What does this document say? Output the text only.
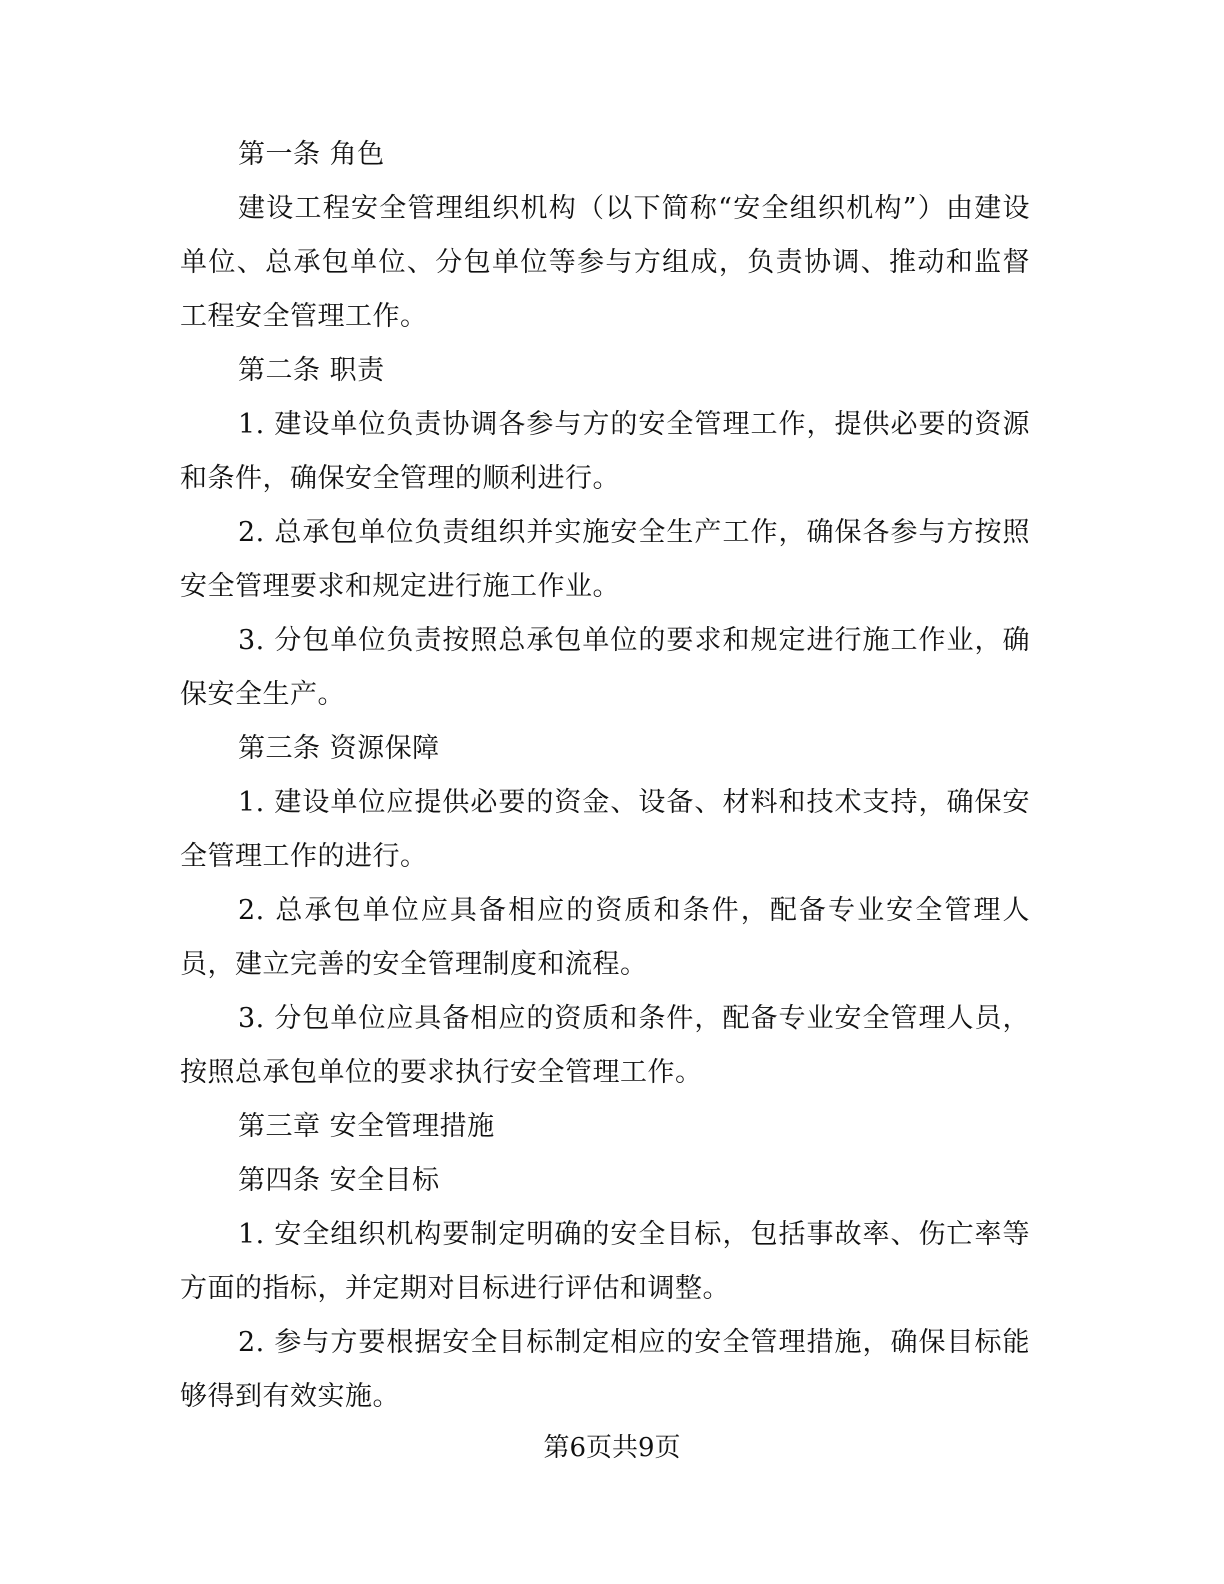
第一条 角色

建设工程安全管理组织机构（以下简称“安全组织机构”）由建设单位、总承包单位、分包单位等参与方组成，负责协调、推动和监督工程安全管理工作。

第二条 职责

1. 建设单位负责协调各参与方的安全管理工作，提供必要的资源和条件，确保安全管理的顺利进行。

2. 总承包单位负责组织并实施安全生产工作，确保各参与方按照安全管理要求和规定进行施工作业。

3. 分包单位负责按照总承包单位的要求和规定进行施工作业，确保安全生产。

第三条 资源保障

1. 建设单位应提供必要的资金、设备、材料和技术支持，确保安全管理工作的进行。

2. 总承包单位应具备相应的资质和条件，配备专业安全管理人员，建立完善的安全管理制度和流程。

3. 分包单位应具备相应的资质和条件，配备专业安全管理人员，按照总承包单位的要求执行安全管理工作。

第三章 安全管理措施

第四条 安全目标

1. 安全组织机构要制定明确的安全目标，包括事故率、伤亡率等方面的指标，并定期对目标进行评估和调整。

2. 参与方要根据安全目标制定相应的安全管理措施，确保目标能够得到有效实施。

第6页共9页
